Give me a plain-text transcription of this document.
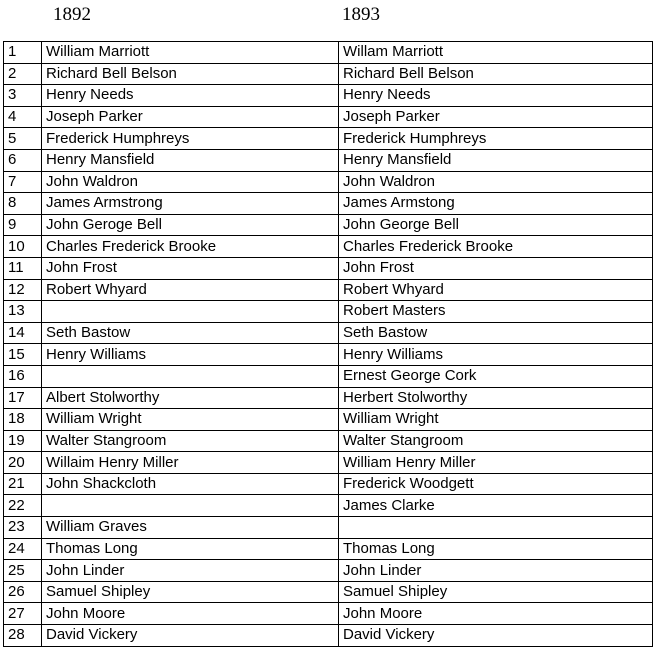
1892	1893
1	William Marriott	Willam Marriott
2	Richard Bell Belson	Richard Bell Belson
3	Henry Needs	Henry Needs
4	Joseph Parker	Joseph Parker
5	Frederick Humphreys	Frederick Humphreys
6	Henry Mansfield	Henry Mansfield
7	John Waldron	John Waldron
8	James Armstrong	James Armstong
9	John Geroge Bell	John George Bell
10	Charles Frederick Brooke	Charles Frederick Brooke
11	John Frost	John Frost
12	Robert Whyard	Robert Whyard
13		Robert Masters
14	Seth Bastow	Seth Bastow
15	Henry Williams	Henry Williams
16		Ernest George Cork
17	Albert Stolworthy	Herbert Stolworthy
18	William Wright	William Wright
19	Walter Stangroom	Walter Stangroom
20	Willaim Henry Miller	William Henry Miller
21	John Shackcloth	Frederick Woodgett
22		James Clarke
23	William Graves	
24	Thomas Long	Thomas Long
25	John Linder	John Linder
26	Samuel Shipley	Samuel Shipley
27	John Moore	John Moore
28	David Vickery	David Vickery
